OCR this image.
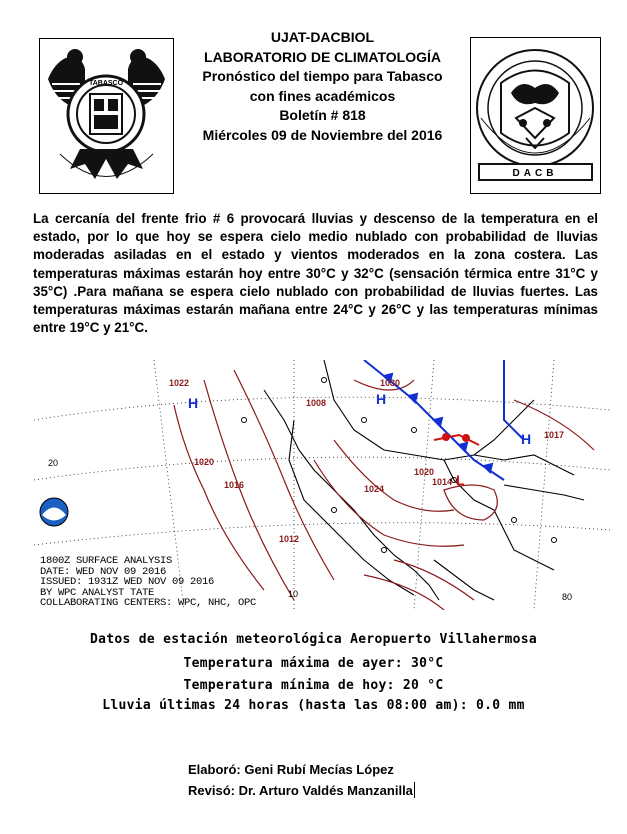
TABASCO
UJAT-DACBIOL
LABORATORIO DE CLIMATOLOGÍA
Pronóstico del tiempo para Tabasco
con fines académicos
Boletín # 818
Miércoles 09 de Noviembre del 2016
DACB
La cercanía del frente frio # 6 provocará lluvias y descenso de la temperatura en el estado, por lo que hoy se espera cielo medio nublado con probabilidad de lluvias moderadas asiladas en el estado y vientos moderados en la zona costera. Las temperaturas máximas estarán hoy entre 30°C y 32°C (sensación térmica entre 31°C y 35°C) .Para mañana se espera cielo nublado con probabilidad de lluvias fuertes. Las temperaturas máximas estarán mañana entre 24°C y 26°C y las temperaturas mínimas entre 19°C y 21°C.
1022
1020
1016
1012
1024
1020
1014
1017
1030
1008
H	H
H
L
20
10	80
1800Z SURFACE ANALYSIS
DATE: WED NOV 09 2016
ISSUED: 1931Z WED NOV 09 2016
BY WPC ANALYST TATE
COLLABORATING CENTERS: WPC, NHC, OPC
Datos de estación meteorológica Aeropuerto Villahermosa
Temperatura máxima de ayer: 30°C
Temperatura mínima de hoy: 20 °C
Lluvia últimas 24 horas (hasta las 08:00 am): 0.0 mm
Elaboró: Geni Rubí Mecías López
Revisó: Dr. Arturo Valdés Manzanilla
